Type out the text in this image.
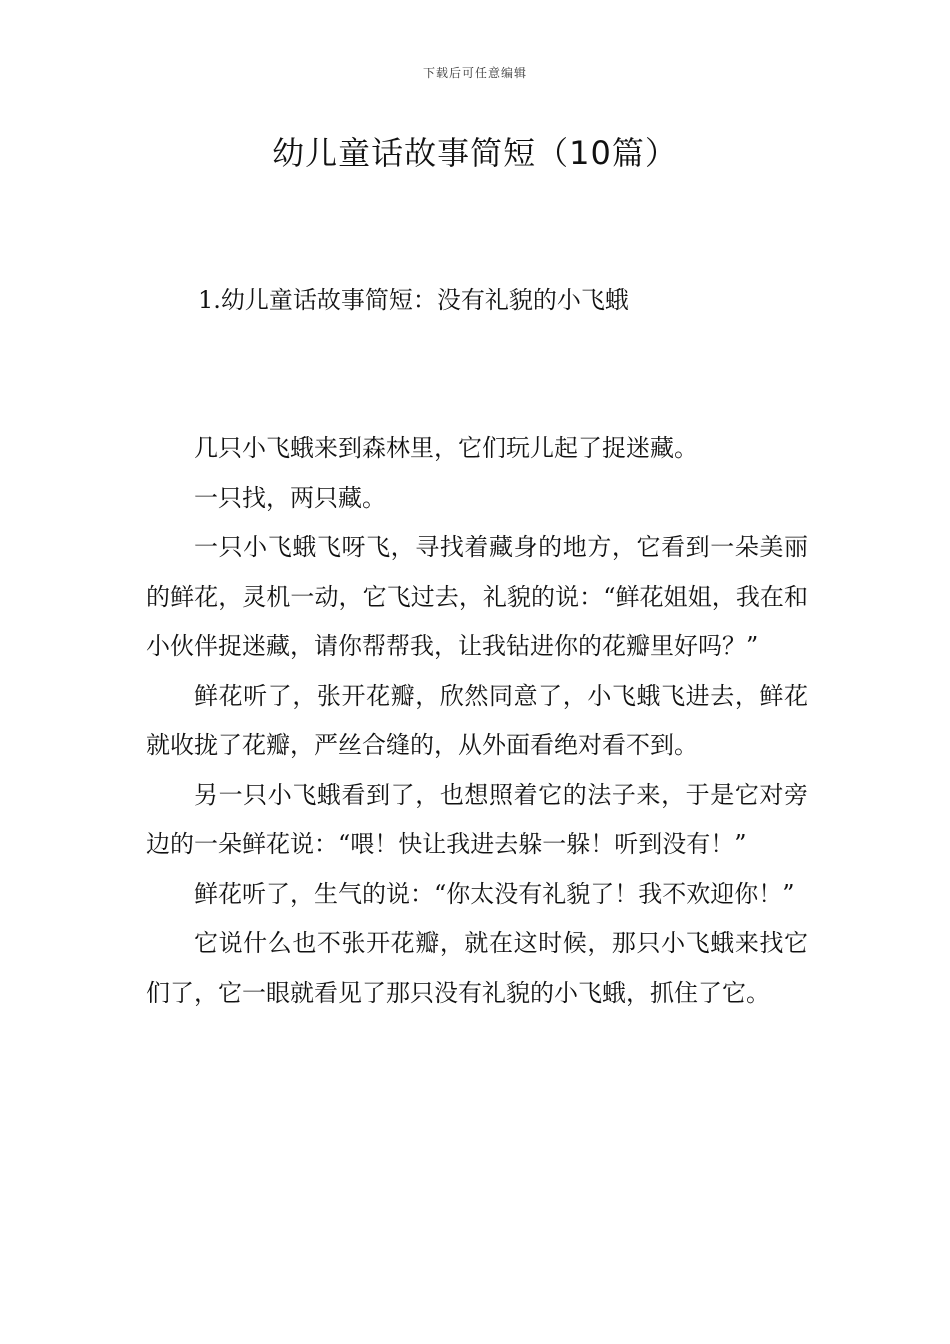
下载后可任意编辑
幼儿童话故事简短（10篇）
1.幼儿童话故事简短：没有礼貌的小飞蛾

几只小飞蛾来到森林里，它们玩儿起了捉迷藏。

一只找，两只藏。

一只小飞蛾飞呀飞，寻找着藏身的地方，它看到一朵美丽的鲜花，灵机一动，它飞过去，礼貌的说：“鲜花姐姐，我在和小伙伴捉迷藏，请你帮帮我，让我钻进你的花瓣里好吗？”

鲜花听了，张开花瓣，欣然同意了，小飞蛾飞进去，鲜花就收拢了花瓣，严丝合缝的，从外面看绝对看不到。

另一只小飞蛾看到了，也想照着它的法子来，于是它对旁边的一朵鲜花说：“喂！快让我进去躲一躲！听到没有！”

鲜花听了，生气的说：“你太没有礼貌了！我不欢迎你！”

它说什么也不张开花瓣，就在这时候，那只小飞蛾来找它们了，它一眼就看见了那只没有礼貌的小飞蛾，抓住了它。
